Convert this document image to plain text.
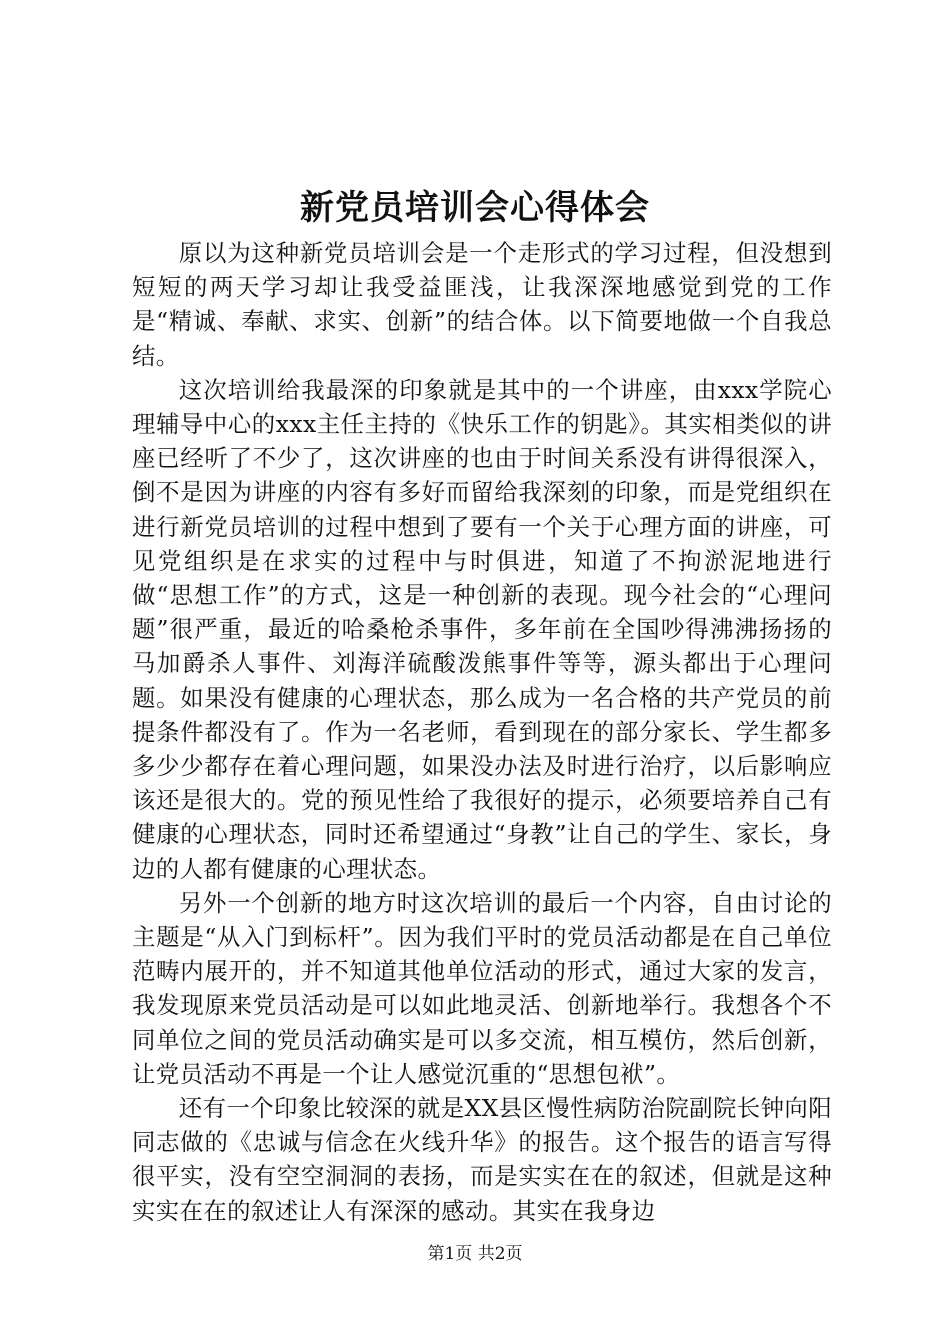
新党员培训会心得体会

原以为这种新党员培训会是一个走形式的学习过程，但没想到短短的两天学习却让我受益匪浅，让我深深地感觉到党的工作是“精诚、奉献、求实、创新”的结合体。以下简要地做一个自我总结。

这次培训给我最深的印象就是其中的一个讲座，由xxx学院心理辅导中心的xxx主任主持的《快乐工作的钥匙》。其实相类似的讲座已经听了不少了，这次讲座的也由于时间关系没有讲得很深入，倒不是因为讲座的内容有多好而留给我深刻的印象，而是党组织在进行新党员培训的过程中想到了要有一个关于心理方面的讲座，可见党组织是在求实的过程中与时俱进，知道了不拘淤泥地进行做“思想工作”的方式，这是一种创新的表现。现今社会的“心理问题”很严重，最近的哈桑枪杀事件，多年前在全国吵得沸沸扬扬的马加爵杀人事件、刘海洋硫酸泼熊事件等等，源头都出于心理问题。如果没有健康的心理状态，那么成为一名合格的共产党员的前提条件都没有了。作为一名老师，看到现在的部分家长、学生都多多少少都存在着心理问题，如果没办法及时进行治疗，以后影响应该还是很大的。党的预见性给了我很好的提示，必须要培养自己有健康的心理状态，同时还希望通过“身教”让自己的学生、家长，身边的人都有健康的心理状态。

另外一个创新的地方时这次培训的最后一个内容，自由讨论的主题是“从入门到标杆”。因为我们平时的党员活动都是在自己单位范畴内展开的，并不知道其他单位活动的形式，通过大家的发言，我发现原来党员活动是可以如此地灵活、创新地举行。我想各个不同单位之间的党员活动确实是可以多交流，相互模仿，然后创新，让党员活动不再是一个让人感觉沉重的“思想包袱”。

还有一个印象比较深的就是XX县区慢性病防治院副院长钟向阳同志做的《忠诚与信念在火线升华》的报告。这个报告的语言写得很平实，没有空空洞洞的表扬，而是实实在在的叙述，但就是这种实实在在的叙述让人有深深的感动。其实在我身边

第1页 共2页
